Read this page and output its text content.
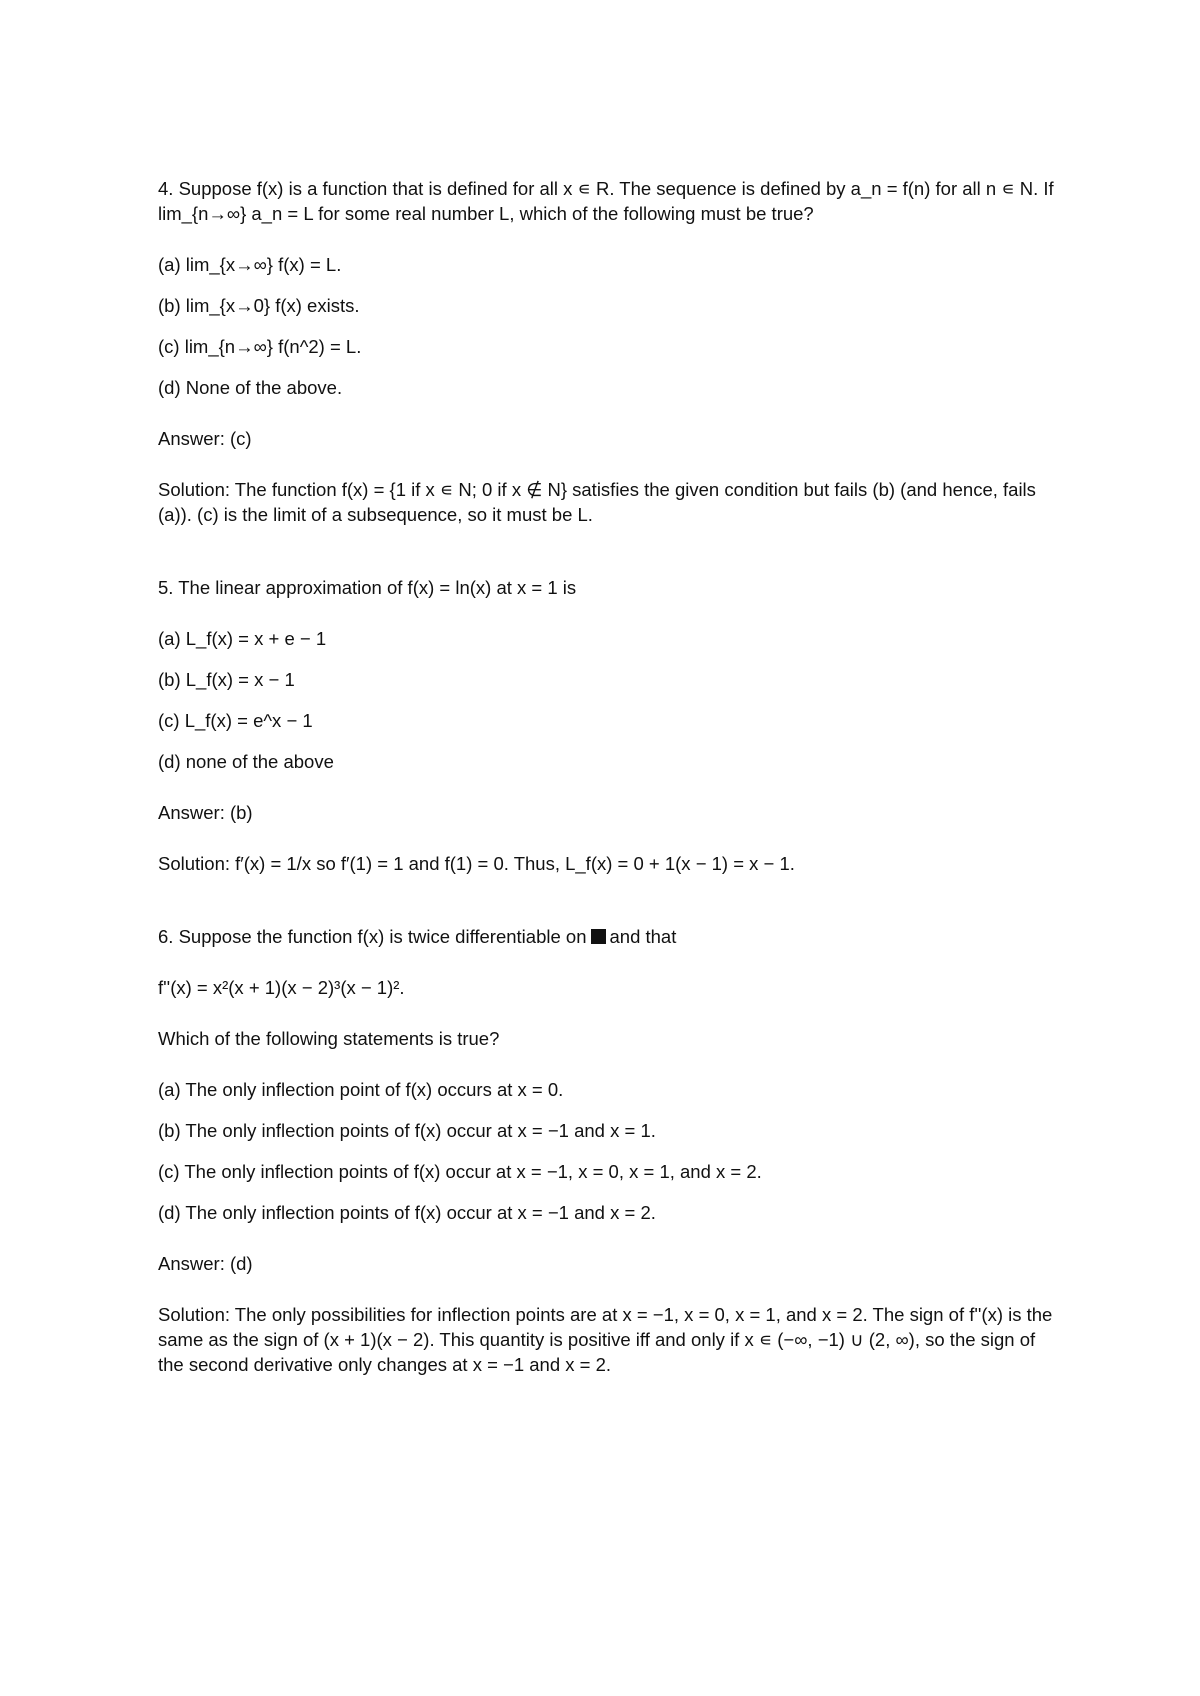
4. Suppose f(x) is a function that is defined for all x ∊ R. The sequence is defined by a_n = f(n) for all n ∊ N. If lim_{n→∞} a_n = L for some real number L, which of the following must be true?

(a) lim_{x→∞} f(x) = L.

(b) lim_{x→0} f(x) exists.

(c) lim_{n→∞} f(n^2) = L.

(d) None of the above.

Answer: (c)

Solution: The function f(x) = {1 if x ∊ N; 0 if x ∉ N} satisfies the given condition but fails (b) (and hence, fails (a)). (c) is the limit of a subsequence, so it must be L.

5. The linear approximation of f(x) = ln(x) at x = 1 is

(a) L_f(x) = x + e − 1

(b) L_f(x) = x − 1

(c) L_f(x) = e^x − 1

(d) none of the above

Answer: (b)

Solution: f′(x) = 1/x so f′(1) = 1 and f(1) = 0. Thus, L_f(x) = 0 + 1(x − 1) = x − 1.

6. Suppose the function f(x) is twice differentiable on and that

f''(x) = x²(x + 1)(x − 2)³(x − 1)².

Which of the following statements is true?

(a) The only inflection point of f(x) occurs at x = 0.

(b) The only inflection points of f(x) occur at x = −1 and x = 1.

(c) The only inflection points of f(x) occur at x = −1, x = 0, x = 1, and x = 2.

(d) The only inflection points of f(x) occur at x = −1 and x = 2.

Answer: (d)

Solution: The only possibilities for inflection points are at x = −1, x = 0, x = 1, and x = 2. The sign of f''(x) is the same as the sign of (x + 1)(x − 2). This quantity is positive iff and only if x ∊ (−∞, −1) ∪ (2, ∞), so the sign of the second derivative only changes at x = −1 and x = 2.
